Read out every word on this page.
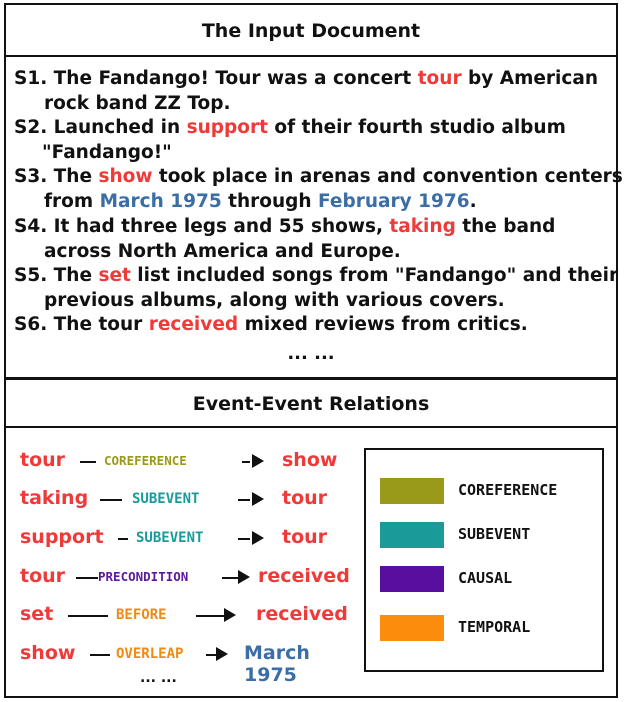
The Input Document
S1. The Fandango! Tour was a concert tour by American
rock band ZZ Top.
S2. Launched in support of their fourth studio album
"Fandango!"
S3. The show took place in arenas and convention centers
from March 1975 through February 1976.
S4. It had three legs and 55 shows, taking the band
across North America and Europe.
S5. The set list included songs from "Fandango" and their
previous albums, along with various covers.
S6. The tour received mixed reviews from critics.
... ...
Event-Event Relations
tour	COREFERENCE	show
taking	SUBEVENT	tour
support SUBEVENT	tour
tour	PRECONDITION	received
set	BEFORE	received
show	OVERLEAP	March 1975
... ...
COREFERENCE
SUBEVENT
CAUSAL
TEMPORAL
